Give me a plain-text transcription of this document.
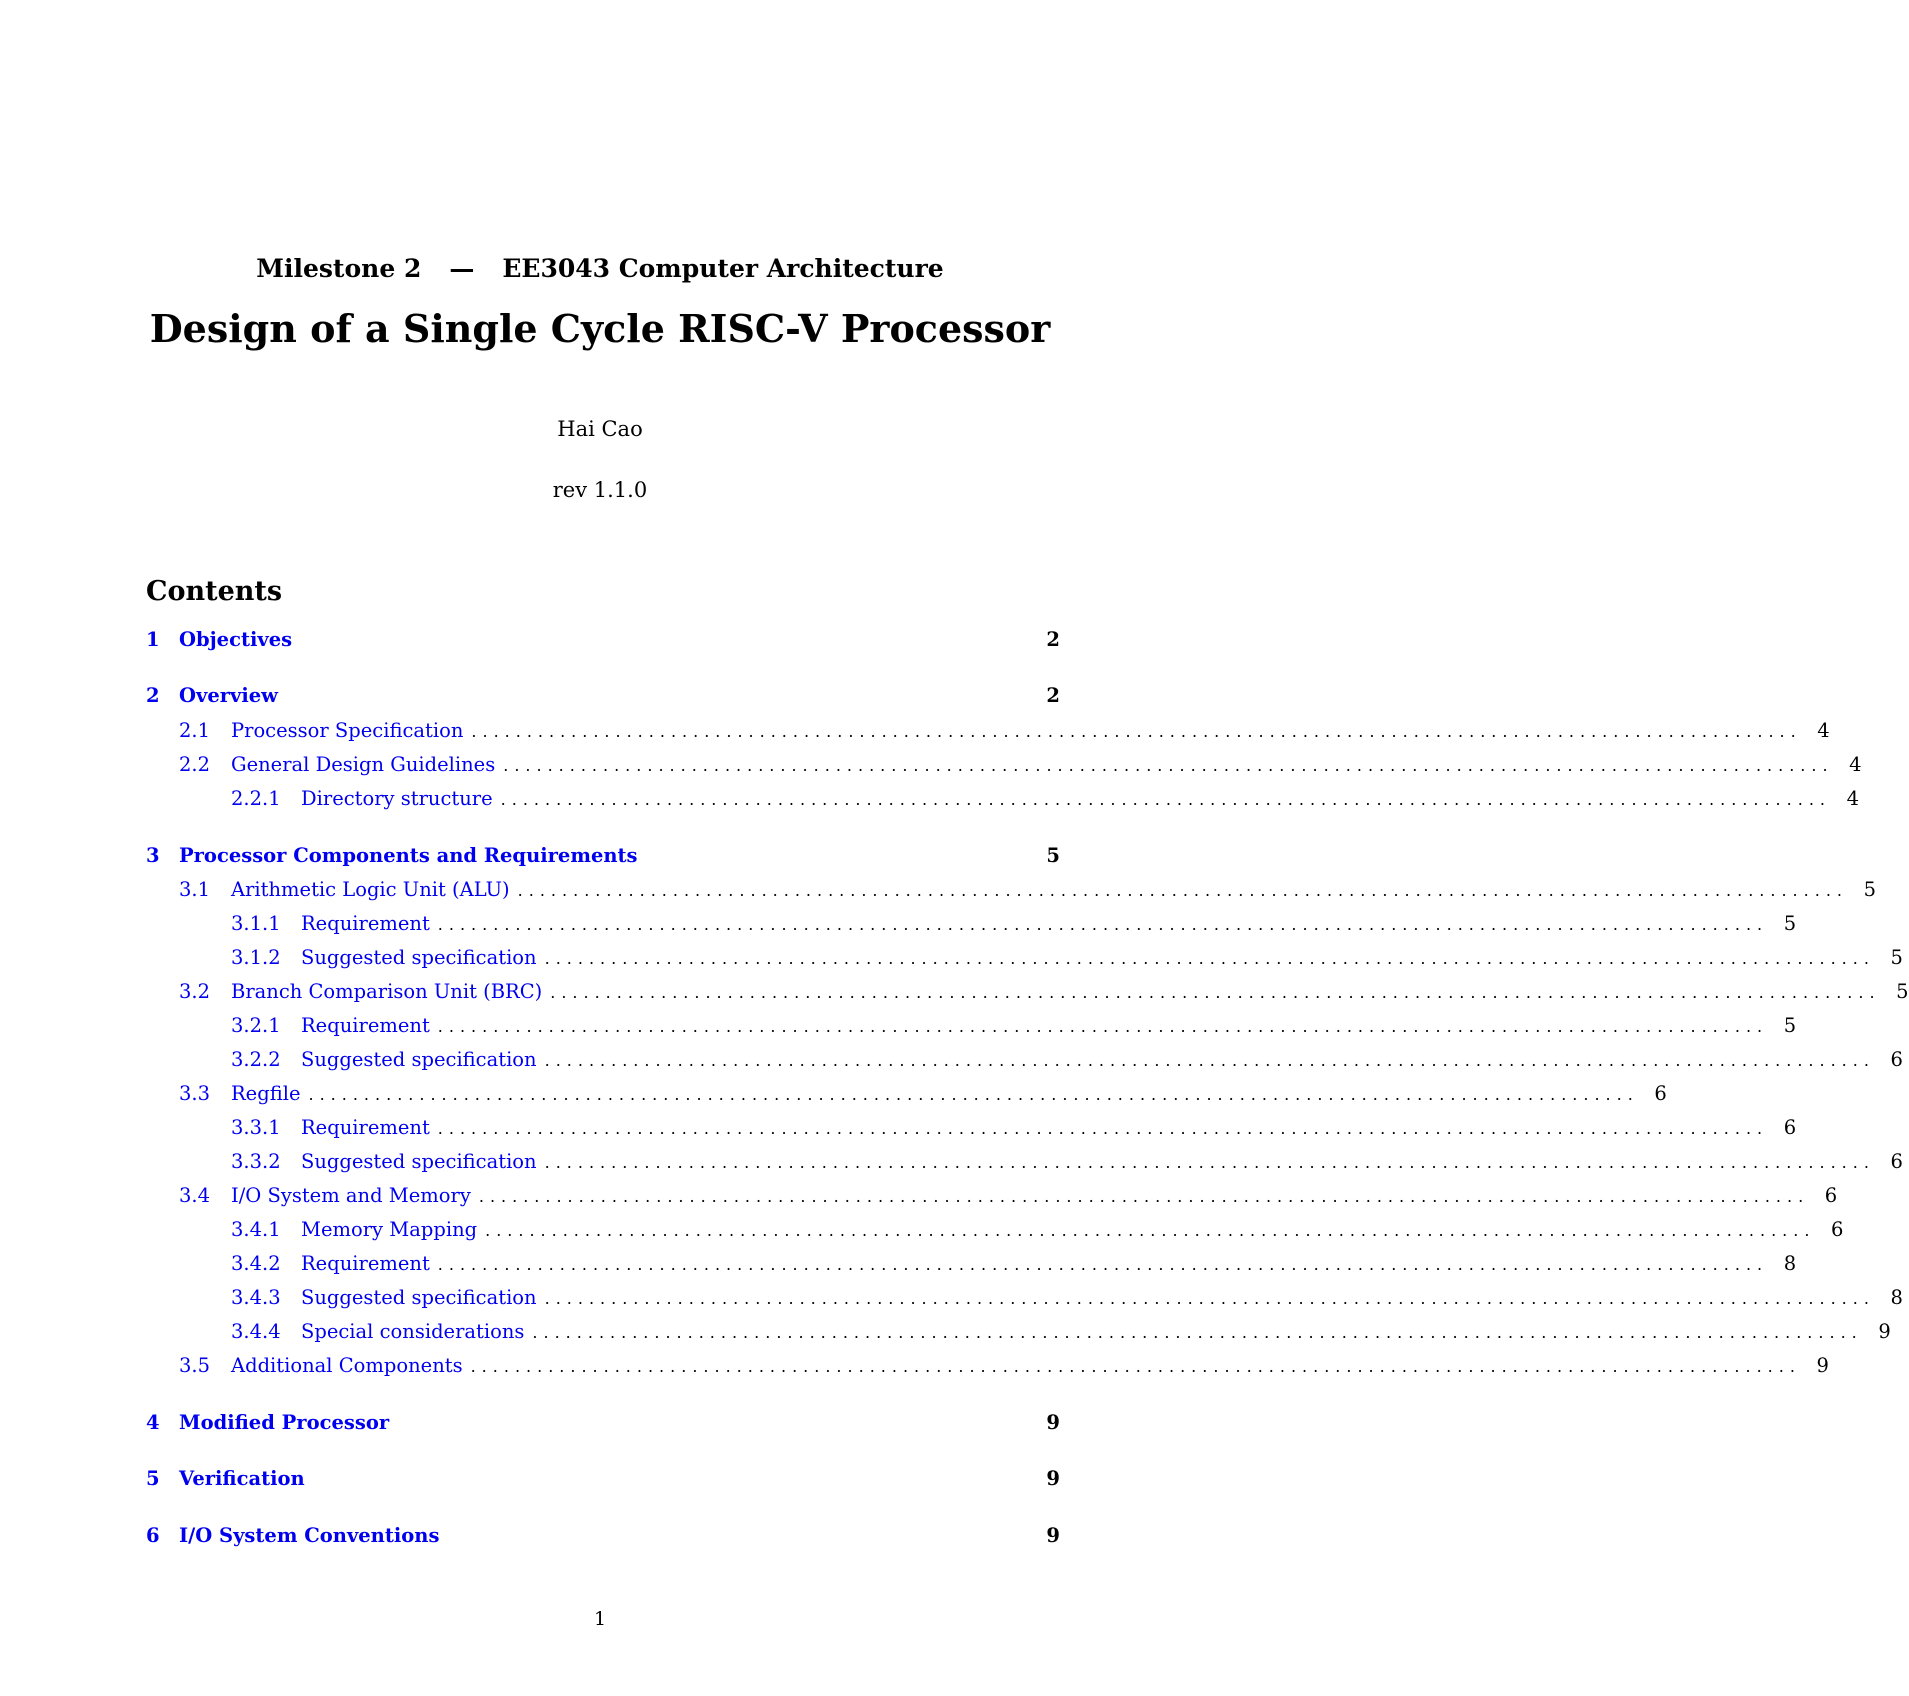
Milestone 2 — EE3043 Computer Architecture
Design of a Single Cycle RISC-V Processor
Hai Cao
rev 1.1.0
Contents
1 Objectives	2
2 Overview	2
2.1	Processor Specification ........................................................................................................................ 4
2.2	General Design Guidelines ........................................................................................................................ 4
2.2.1	Directory structure ........................................................................................................................ 4
3 Processor Components and Requirements	5
3.1	Arithmetic Logic Unit (ALU) ........................................................................................................................ 5
3.1.1	Requirement ........................................................................................................................ 5
3.1.2	Suggested specification ........................................................................................................................ 5
3.2	Branch Comparison Unit (BRC) ........................................................................................................................ 5
3.2.1	Requirement ........................................................................................................................ 5
3.2.2	Suggested specification ........................................................................................................................ 6
3.3	Regfile ........................................................................................................................ 6
3.3.1	Requirement ........................................................................................................................ 6
3.3.2	Suggested specification ........................................................................................................................ 6
3.4	I/O System and Memory ........................................................................................................................ 6
3.4.1	Memory Mapping ........................................................................................................................ 6
3.4.2	Requirement ........................................................................................................................ 8
3.4.3	Suggested specification ........................................................................................................................ 8
3.4.4	Special considerations ........................................................................................................................ 9
3.5	Additional Components ........................................................................................................................ 9
4 Modified Processor	9
5 Verification	9
6 I/O System Conventions	9
1
